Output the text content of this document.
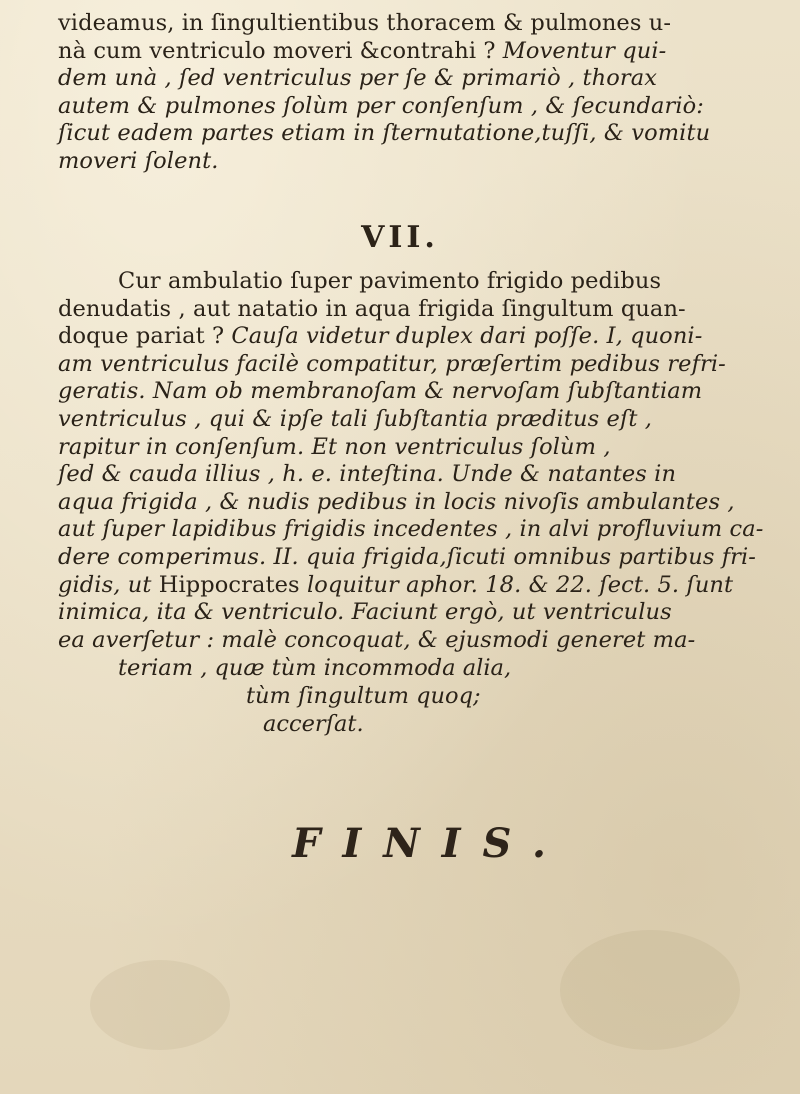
videamus, in ſingultientibus thoracem & pulmones u-
nà cum ventriculo moveri &contrahi ? Moventur qui-
dem unà , ſed ventriculus per ſe & primariò , thorax
autem & pulmones ſolùm per conſenſum , & ſecundariò:
ſicut eadem partes etiam in ſternutatione,tuſſi, & vomitu
moveri ſolent.
VII.
Cur ambulatio ſuper pavimento frigido pedibus
denudatis , aut natatio in aqua frigida ſingultum quan-
doque pariat ? Cauſa videtur duplex dari poſſe. I, quoni-
am ventriculus facilè compatitur, præſertim pedibus refri-
geratis. Nam ob membranoſam & nervoſam ſubſtantiam
ventriculus , qui & ipſe tali ſubſtantia præditus eſt ,
rapitur in conſenſum. Et non ventriculus ſolùm ,
ſed & cauda illius , h. e. inteſtina. Unde & natantes in
aqua frigida , & nudis pedibus in locis nivoſis ambulantes ,
aut ſuper lapidibus frigidis incedentes , in alvi profluvium ca-
dere comperimus. II. quia frigida,ſicuti omnibus partibus fri-
gidis, ut Hippocrates loquitur aphor. 18. & 22. ſect. 5. ſunt
inimica, ita & ventriculo. Faciunt ergò, ut ventriculus
ea averſetur : malè concoquat, & ejusmodi generet ma-
FINIS.
teriam , quæ tùm incommoda alia,
tùm ſingultum quoq;
accerſat.
